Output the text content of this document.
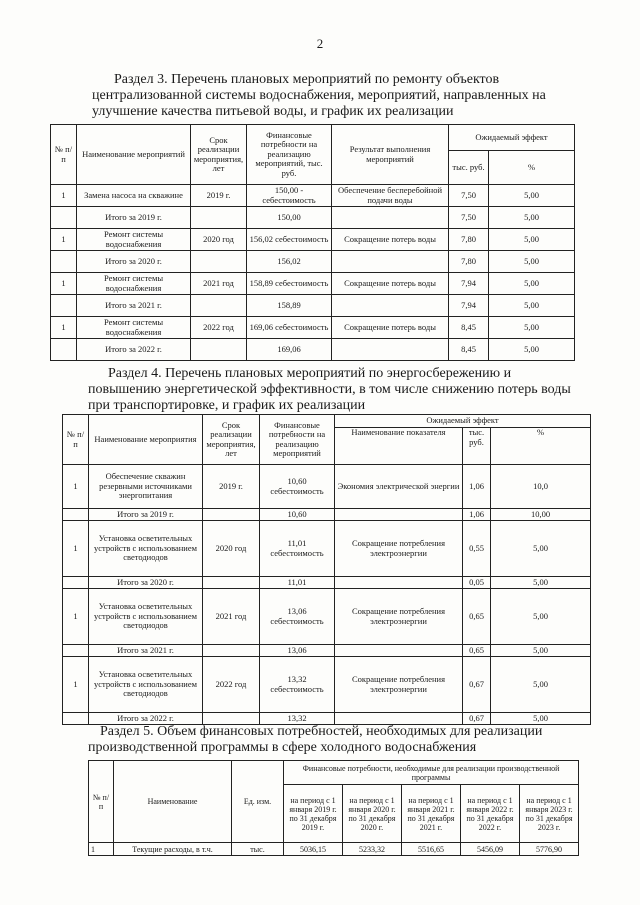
2
Раздел 3. Перечень плановых мероприятий по ремонту объектов
централизованной системы водоснабжения, мероприятий, направленных на
улучшение качества питьевой воды, и график их реализации
№ п/ п	Наименование мероприятий	Срок реализации мероприятия, лет	Финансовые потребности на реализацию мероприятий, тыс. руб.	Результат выполнения мероприятий	Ожидаемый эффект	
					тыс. руб.	%
1	Замена насоса на скважине	2019 г.	150,00 - себестоимость	Обеспечение бесперебойной подачи воды	7,50	5,00
	Итого за 2019 г.		150,00		7,50	5,00
1	Ремонт системы водоснабжения	2020 год	156,02 себестоимость	Сокращение потерь воды	7,80	5,00
	Итого за 2020 г.		156,02		7,80	5,00
1	Ремонт системы водоснабжения	2021 год	158,89 себестоимость	Сокращение потерь воды	7,94	5,00
	Итого за 2021 г.		158,89		7,94	5,00
1	Ремонт системы водоснабжения	2022 год	169,06 себестоимость	Сокращение потерь воды	8,45	5,00
	Итого за 2022 г.		169,06		8,45	5,00
Раздел 4. Перечень плановых мероприятий по энергосбережению и
повышению энергетической эффективности, в том числе снижению потерь воды
при транспортировке, и график их реализации
№ п/п	Наименование мероприятия	Срок реализации мероприятия, лет	Финансовые потребности на реализацию мероприятий	Ожидаемый эффект		
				Наименование показателя	тыс. руб.	%
1	Обеспечение скважин резервными источниками энергопитания	2019 г.	10,60 себестоимость	Экономия электрической энергии	1,06	10,0
	Итого за 2019 г.		10,60		1,06	10,00
1	Установка осветительных устройств с использованием светодиодов	2020 год	11,01 себестоимость	Сокращение потребления электроэнергии	0,55	5,00
	Итого за 2020 г.		11,01		0,05	5,00
1	Установка осветительных устройств с использованием светодиодов	2021 год	13,06 себестоимость	Сокращение потребления электроэнергии	0,65	5,00
	Итого за 2021 г.		13,06		0,65	5,00
1	Установка осветительных устройств с использованием светодиодов	2022 год	13,32 себестоимость	Сокращение потребления электроэнергии	0,67	5,00
	Итого за 2022 г.		13,32		0,67	5,00
Раздел 5. Объем финансовых потребностей, необходимых для реализации
производственной программы в сфере холодного водоснабжения
№ п/п	Наименование	Ед. изм.	Финансовые потребности, необходимые для реализации производственной программы				
			на период с 1 января 2019 г. по 31 декабря 2019 г.	на период с 1 января 2020 г. по 31 декабря 2020 г.	на период с 1 января 2021 г. по 31 декабря 2021 г.	на период с 1 января 2022 г. по 31 декабря 2022 г.	на период с 1 января 2023 г. по 31 декабря 2023 г.
1	Текущие расходы, в т.ч.	тыс.	5036,15	5233,32	5516,65	5456,09	5776,90
